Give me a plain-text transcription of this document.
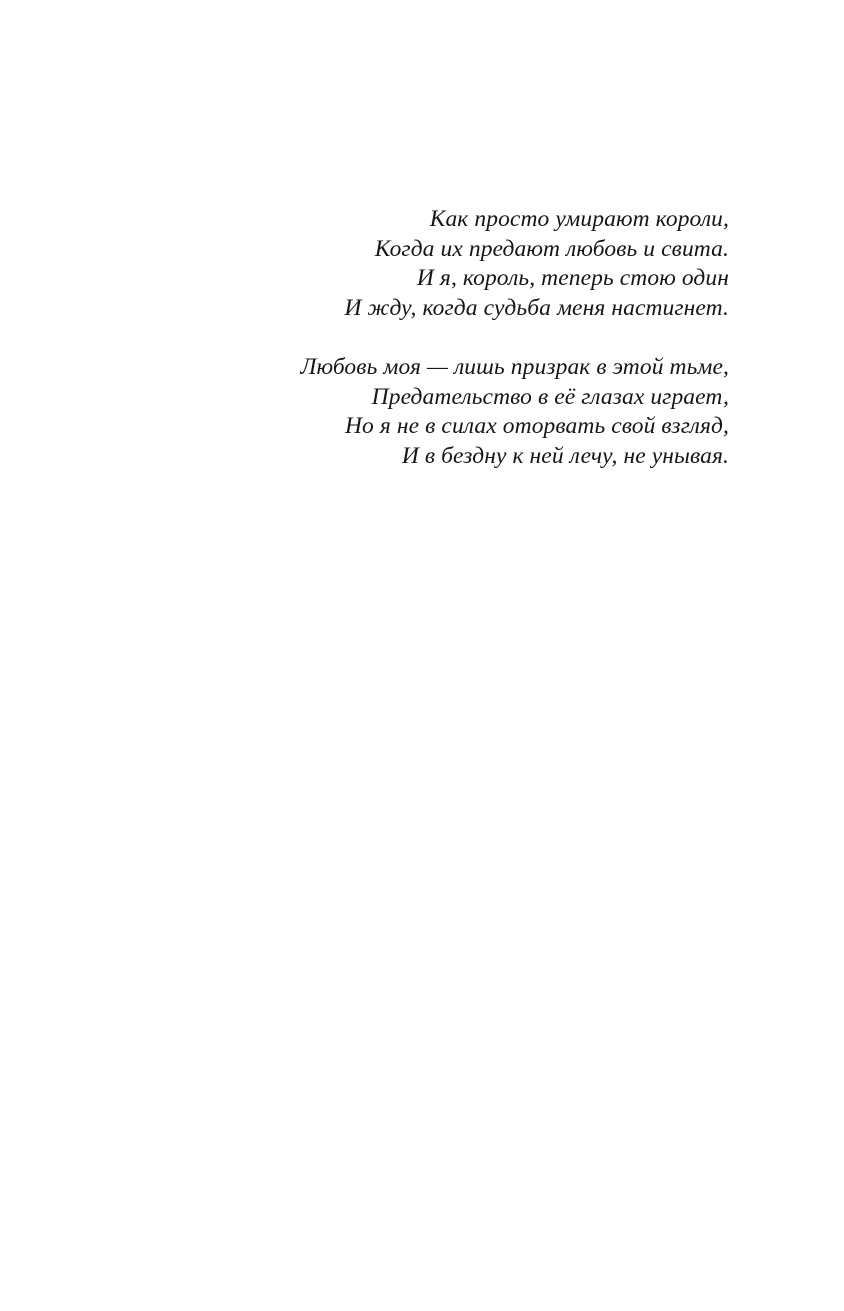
Как просто умирают короли,
Когда их предают любовь и свита.
И я, король, теперь стою один
И жду, когда судьба меня настигнет.
Любовь моя — лишь призрак в этой тьме,
Предательство в её глазах играет,
Но я не в силах оторвать свой взгляд,
И в бездну к ней лечу, не унывая.
